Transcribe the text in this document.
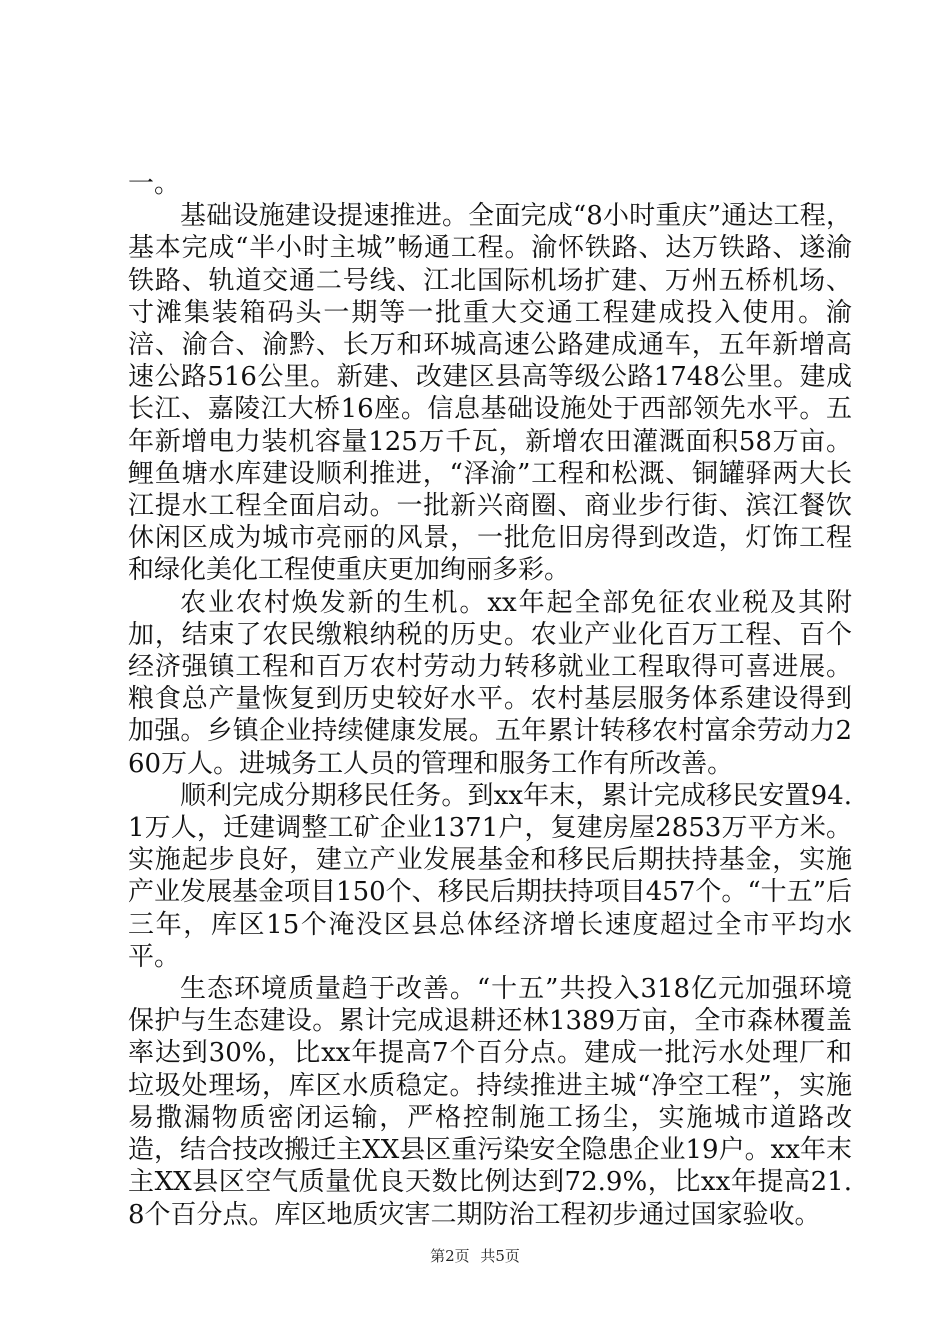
一。

基础设施建设提速推进。全面完成“8小时重庆”通达工程，基本完成“半小时主城”畅通工程。渝怀铁路、达万铁路、遂渝铁路、轨道交通二号线、江北国际机场扩建、万州五桥机场、寸滩集装箱码头一期等一批重大交通工程建成投入使用。渝涪、渝合、渝黔、长万和环城高速公路建成通车，五年新增高速公路516公里。新建、改建区县高等级公路1748公里。建成长江、嘉陵江大桥16座。信息基础设施处于西部领先水平。五年新增电力装机容量125万千瓦，新增农田灌溉面积58万亩。鲤鱼塘水库建设顺利推进，“泽渝”工程和松溉、铜罐驿两大长江提水工程全面启动。一批新兴商圈、商业步行街、滨江餐饮休闲区成为城市亮丽的风景，一批危旧房得到改造，灯饰工程和绿化美化工程使重庆更加绚丽多彩。

农业农村焕发新的生机。xx年起全部免征农业税及其附加，结束了农民缴粮纳税的历史。农业产业化百万工程、百个经济强镇工程和百万农村劳动力转移就业工程取得可喜进展。粮食总产量恢复到历史较好水平。农村基层服务体系建设得到加强。乡镇企业持续健康发展。五年累计转移农村富余劳动力260万人。进城务工人员的管理和服务工作有所改善。

顺利完成分期移民任务。到xx年末，累计完成移民安置94.1万人，迁建调整工矿企业1371户，复建房屋2853万平方米。实施起步良好，建立产业发展基金和移民后期扶持基金，实施产业发展基金项目150个、移民后期扶持项目457个。“十五”后三年，库区15个淹没区县总体经济增长速度超过全市平均水平。

生态环境质量趋于改善。“十五”共投入318亿元加强环境保护与生态建设。累计完成退耕还林1389万亩，全市森林覆盖率达到30%，比xx年提高7个百分点。建成一批污水处理厂和垃圾处理场，库区水质稳定。持续推进主城“净空工程”，实施易撒漏物质密闭运输，严格控制施工扬尘，实施城市道路改造，结合技改搬迁主XX县区重污染安全隐患企业19户。xx年末主XX县区空气质量优良天数比例达到72.9%，比xx年提高21.8个百分点。库区地质灾害二期防治工程初步通过国家验收。

第2页 共5页
